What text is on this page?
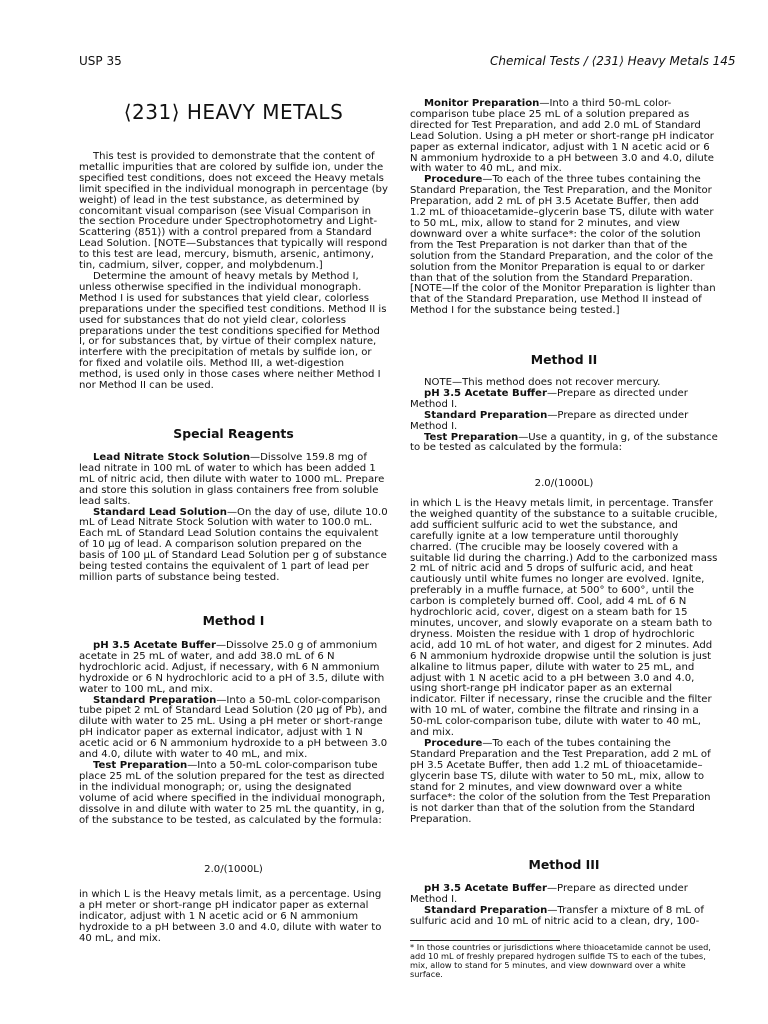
USP 35	Chemical Tests / ⟨231⟩ Heavy Metals 145
⟨231⟩ HEAVY METALS

This test is provided to demonstrate that the content of metallic impurities that are colored by sulfide ion, under the specified test conditions, does not exceed the Heavy metals limit specified in the individual monograph in percentage (by weight) of lead in the test substance, as determined by concomitant visual comparison (see Visual Comparison in the section Procedure under Spectrophotometry and Light-Scattering ⟨851⟩) with a control prepared from a Standard Lead Solution. [NOTE—Substances that typically will respond to this test are lead, mercury, bismuth, arsenic, antimony, tin, cadmium, silver, copper, and molybdenum.]

Determine the amount of heavy metals by Method I, unless otherwise specified in the individual monograph. Method I is used for substances that yield clear, colorless preparations under the specified test conditions. Method II is used for substances that do not yield clear, colorless preparations under the test conditions specified for Method I, or for substances that, by virtue of their complex nature, interfere with the precipitation of metals by sulfide ion, or for fixed and volatile oils. Method III, a wet-digestion method, is used only in those cases where neither Method I nor Method II can be used.

Special Reagents

Lead Nitrate Stock Solution—Dissolve 159.8 mg of lead nitrate in 100 mL of water to which has been added 1 mL of nitric acid, then dilute with water to 1000 mL. Prepare and store this solution in glass containers free from soluble lead salts.

Standard Lead Solution—On the day of use, dilute 10.0 mL of Lead Nitrate Stock Solution with water to 100.0 mL. Each mL of Standard Lead Solution contains the equivalent of 10 µg of lead. A comparison solution prepared on the basis of 100 µL of Standard Lead Solution per g of substance being tested contains the equivalent of 1 part of lead per million parts of substance being tested.

Method I

pH 3.5 Acetate Buffer—Dissolve 25.0 g of ammonium acetate in 25 mL of water, and add 38.0 mL of 6 N hydrochloric acid. Adjust, if necessary, with 6 N ammonium hydroxide or 6 N hydrochloric acid to a pH of 3.5, dilute with water to 100 mL, and mix.

Standard Preparation—Into a 50-mL color-comparison tube pipet 2 mL of Standard Lead Solution (20 µg of Pb), and dilute with water to 25 mL. Using a pH meter or short-range pH indicator paper as external indicator, adjust with 1 N acetic acid or 6 N ammonium hydroxide to a pH between 3.0 and 4.0, dilute with water to 40 mL, and mix.

Test Preparation—Into a 50-mL color-comparison tube place 25 mL of the solution prepared for the test as directed in the individual monograph; or, using the designated volume of acid where specified in the individual monograph, dissolve in and dilute with water to 25 mL the quantity, in g, of the substance to be tested, as calculated by the formula:

2.0/(1000L)

in which L is the Heavy metals limit, as a percentage. Using a pH meter or short-range pH indicator paper as external indicator, adjust with 1 N acetic acid or 6 N ammonium hydroxide to a pH between 3.0 and 4.0, dilute with water to 40 mL, and mix.

Monitor Preparation—Into a third 50-mL color-comparison tube place 25 mL of a solution prepared as directed for Test Preparation, and add 2.0 mL of Standard Lead Solution. Using a pH meter or short-range pH indicator paper as external indicator, adjust with 1 N acetic acid or 6 N ammonium hydroxide to a pH between 3.0 and 4.0, dilute with water to 40 mL, and mix.

Procedure—To each of the three tubes containing the Standard Preparation, the Test Preparation, and the Monitor Preparation, add 2 mL of pH 3.5 Acetate Buffer, then add 1.2 mL of thioacetamide–glycerin base TS, dilute with water to 50 mL, mix, allow to stand for 2 minutes, and view downward over a white surface*: the color of the solution from the Test Preparation is not darker than that of the solution from the Standard Preparation, and the color of the solution from the Monitor Preparation is equal to or darker than that of the solution from the Standard Preparation. [NOTE—If the color of the Monitor Preparation is lighter than that of the Standard Preparation, use Method II instead of Method I for the substance being tested.]

Method II

NOTE—This method does not recover mercury.

pH 3.5 Acetate Buffer—Prepare as directed under Method I.

Standard Preparation—Prepare as directed under Method I.

Test Preparation—Use a quantity, in g, of the substance to be tested as calculated by the formula:

2.0/(1000L)

in which L is the Heavy metals limit, in percentage. Transfer the weighed quantity of the substance to a suitable crucible, add sufficient sulfuric acid to wet the substance, and carefully ignite at a low temperature until thoroughly charred. (The crucible may be loosely covered with a suitable lid during the charring.) Add to the carbonized mass 2 mL of nitric acid and 5 drops of sulfuric acid, and heat cautiously until white fumes no longer are evolved. Ignite, preferably in a muffle furnace, at 500° to 600°, until the carbon is completely burned off. Cool, add 4 mL of 6 N hydrochloric acid, cover, digest on a steam bath for 15 minutes, uncover, and slowly evaporate on a steam bath to dryness. Moisten the residue with 1 drop of hydrochloric acid, add 10 mL of hot water, and digest for 2 minutes. Add 6 N ammonium hydroxide dropwise until the solution is just alkaline to litmus paper, dilute with water to 25 mL, and adjust with 1 N acetic acid to a pH between 3.0 and 4.0, using short-range pH indicator paper as an external indicator. Filter if necessary, rinse the crucible and the filter with 10 mL of water, combine the filtrate and rinsing in a 50-mL color-comparison tube, dilute with water to 40 mL, and mix.

Procedure—To each of the tubes containing the Standard Preparation and the Test Preparation, add 2 mL of pH 3.5 Acetate Buffer, then add 1.2 mL of thioacetamide–glycerin base TS, dilute with water to 50 mL, mix, allow to stand for 2 minutes, and view downward over a white surface*: the color of the solution from the Test Preparation is not darker than that of the solution from the Standard Preparation.

Method III

pH 3.5 Acetate Buffer—Prepare as directed under Method I.

Standard Preparation—Transfer a mixture of 8 mL of sulfuric acid and 10 mL of nitric acid to a clean, dry, 100-

* In those countries or jurisdictions where thioacetamide cannot be used, add 10 mL of freshly prepared hydrogen sulfide TS to each of the tubes, mix, allow to stand for 5 minutes, and view downward over a white surface.
